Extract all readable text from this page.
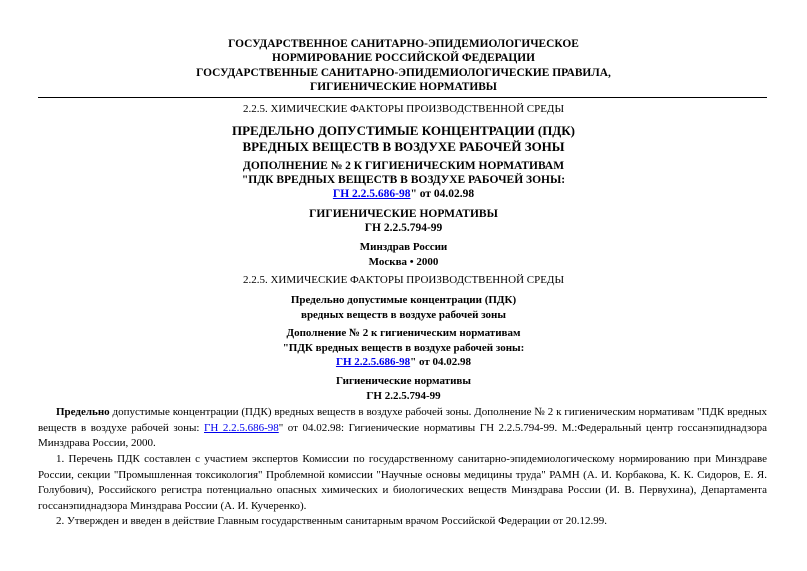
ГОСУДАРСТВЕННОЕ САНИТАРНО-ЭПИДЕМИОЛОГИЧЕСКОЕ
НОРМИРОВАНИЕ РОССИЙСКОЙ ФЕДЕРАЦИИ
ГОСУДАРСТВЕННЫЕ САНИТАРНО-ЭПИДЕМИОЛОГИЧЕСКИЕ ПРАВИЛА,
ГИГИЕНИЧЕСКИЕ НОРМАТИВЫ
2.2.5. ХИМИЧЕСКИЕ ФАКТОРЫ ПРОИЗВОДСТВЕННОЙ СРЕДЫ
ПРЕДЕЛЬНО ДОПУСТИМЫЕ КОНЦЕНТРАЦИИ (ПДК)
ВРЕДНЫХ ВЕЩЕСТВ В ВОЗДУХЕ РАБОЧЕЙ ЗОНЫ
ДОПОЛНЕНИЕ № 2 К ГИГИЕНИЧЕСКИМ НОРМАТИВАМ
"ПДК ВРЕДНЫХ ВЕЩЕСТВ В ВОЗДУХЕ РАБОЧЕЙ ЗОНЫ:
ГН 2.2.5.686-98" от 04.02.98
ГИГИЕНИЧЕСКИЕ НОРМАТИВЫ
ГН 2.2.5.794-99
Минздрав России
Москва • 2000
2.2.5. ХИМИЧЕСКИЕ ФАКТОРЫ ПРОИЗВОДСТВЕННОЙ СРЕДЫ
Предельно допустимые концентрации (ПДК)
вредных веществ в воздухе рабочей зоны
Дополнение № 2 к гигиеническим нормативам
"ПДК вредных веществ в воздухе рабочей зоны:
ГН 2.2.5.686-98" от 04.02.98
Гигиенические нормативы
ГН 2.2.5.794-99
Предельно допустимые концентрации (ПДК) вредных веществ в воздухе рабочей зоны. Дополнение № 2 к гигиеническим нормативам "ПДК вредных веществ в воздухе рабочей зоны: ГН 2.2.5.686-98" от 04.02.98: Гигиенические нормативы ГН 2.2.5.794-99. М.:Федеральный центр госсанэпиднадзора Минздрава России, 2000.
1. Перечень ПДК составлен с участием экспертов Комиссии по государственному санитарно-эпидемиологическому нормированию при Минздраве России, секции "Промышленная токсикология" Проблемной комиссии "Научные основы медицины труда" РАМН (А. И. Корбакова, К. К. Сидоров, Е. Я. Голубович), Российского регистра потенциально опасных химических и биологических веществ Минздрава России (И. В. Первухина), Департамента госсанэпиднадзора Минздрава России (А. И. Кучеренко).
2. Утвержден и введен в действие Главным государственным санитарным врачом Российской Федерации от 20.12.99.
